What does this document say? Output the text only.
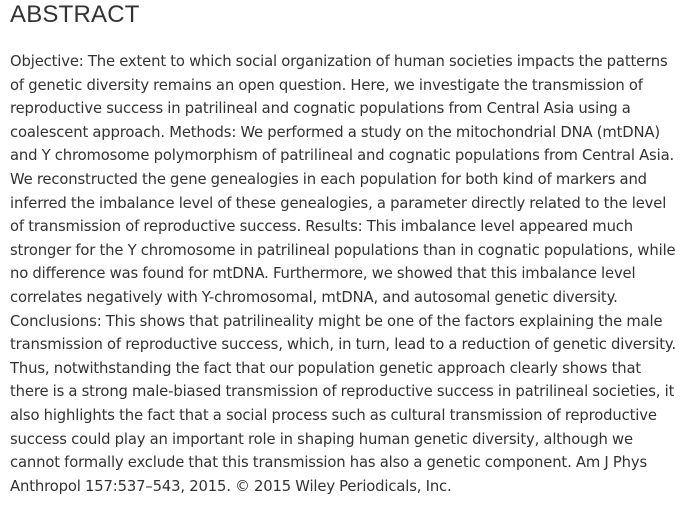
ABSTRACT

Objective: The extent to which social organization of human societies impacts the patterns of genetic diversity remains an open question. Here, we investigate the transmission of reproductive success in patrilineal and cognatic populations from Central Asia using a coalescent approach. Methods: We performed a study on the mitochondrial DNA (mtDNA) and Y chromosome polymorphism of patrilineal and cognatic populations from Central Asia. We reconstructed the gene genealogies in each population for both kind of markers and inferred the imbalance level of these genealogies, a parameter directly related to the level of transmission of reproductive success. Results: This imbalance level appeared much stronger for the Y chromosome in patrilineal populations than in cognatic populations, while no difference was found for mtDNA. Furthermore, we showed that this imbalance level correlates negatively with Y-chromosomal, mtDNA, and autosomal genetic diversity. Conclusions: This shows that patrilineality might be one of the factors explaining the male transmission of reproductive success, which, in turn, lead to a reduction of genetic diversity. Thus, notwithstanding the fact that our population genetic approach clearly shows that there is a strong male-biased transmission of reproductive success in patrilineal societies, it also highlights the fact that a social process such as cultural transmission of reproductive success could play an important role in shaping human genetic diversity, although we cannot formally exclude that this transmission has also a genetic component. Am J Phys Anthropol 157:537–543, 2015. © 2015 Wiley Periodicals, Inc.
